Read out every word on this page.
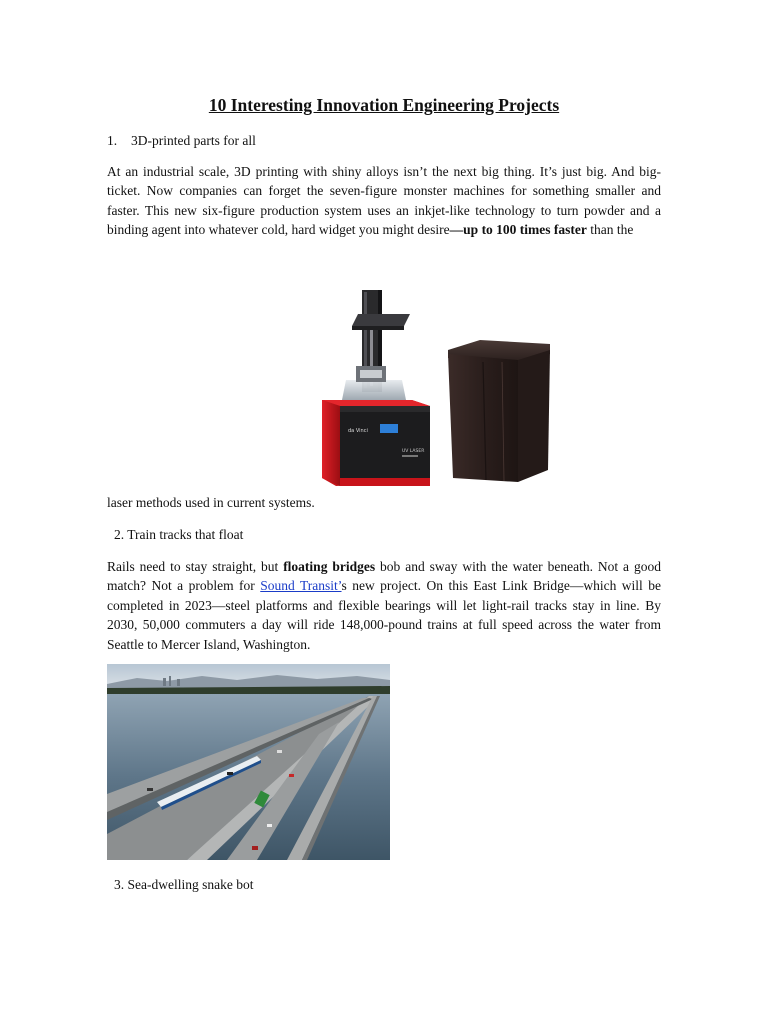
10 Interesting Innovation Engineering Projects

1. 3D-printed parts for all

At an industrial scale, 3D printing with shiny alloys isn’t the next big thing. It’s just big. And big-ticket. Now companies can forget the seven-figure monster machines for something smaller and faster. This new six-figure production system uses an inkjet-like technology to turn powder and a binding agent into whatever cold, hard widget you might desire—up to 100 times faster than the

da Vinci
UV LASER

laser methods used in current systems.

2. Train tracks that float

Rails need to stay straight, but floating bridges bob and sway with the water beneath. Not a good match? Not a problem for Sound Transit’s new project. On this East Link Bridge—which will be completed in 2023—steel platforms and flexible bearings will let light-rail tracks stay in line. By 2030, 50,000 commuters a day will ride 148,000-pound trains at full speed across the water from Seattle to Mercer Island, Washington.

3. Sea-dwelling snake bot
